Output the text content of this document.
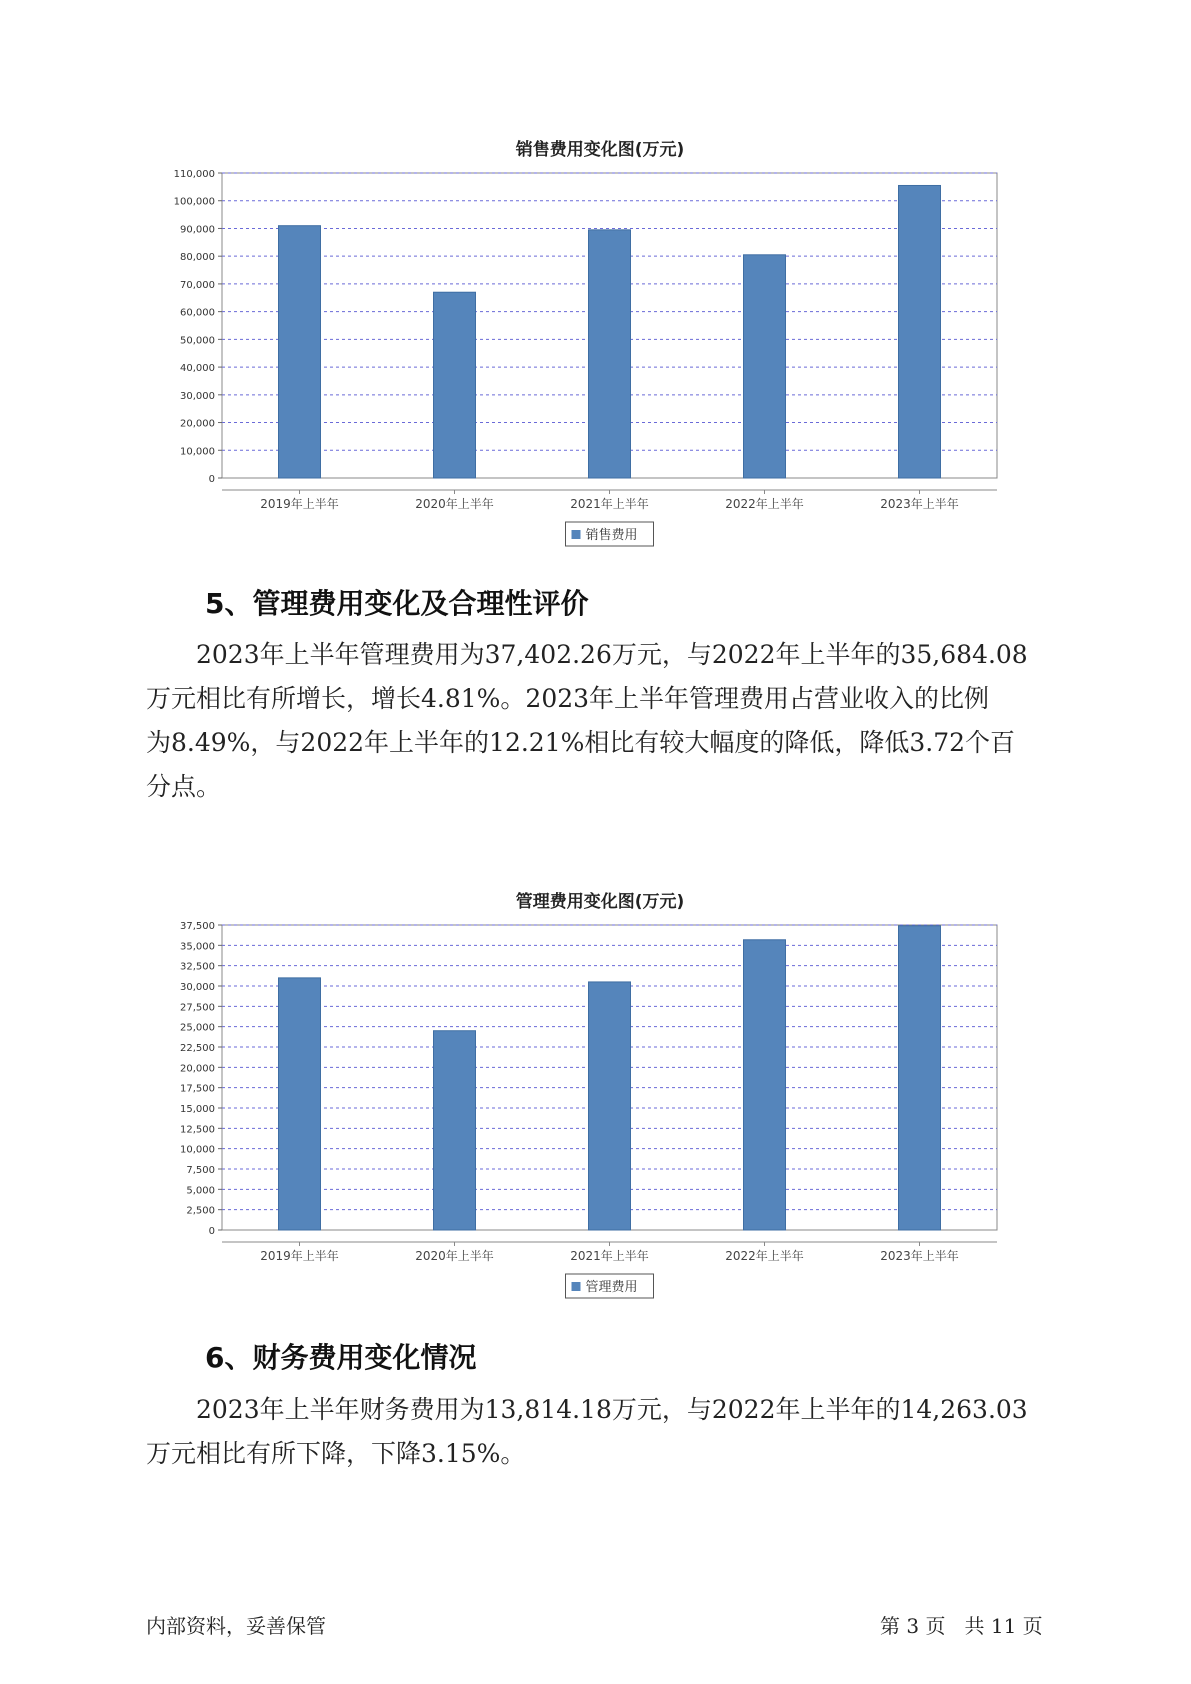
销售费用变化图(万元)
0
10,000
20,000
30,000
40,000
50,000
60,000
70,000
80,000
90,000
100,000
110,000
2019年上半年	2020年上半年	2021年上半年	2022年上半年	2023年上半年
销售费用
5、管理费用变化及合理性评价
2023年上半年管理费用为37,402.26万元，与2022年上半年的35,684.08
万元相比有所增长，增长4.81%。2023年上半年管理费用占营业收入的比例
为8.49%，与2022年上半年的12.21%相比有较大幅度的降低，降低3.72个百
分点。
管理费用变化图(万元)
0
2,500
5,000
7,500
10,000
12,500
15,000
17,500
20,000
22,500
25,000
27,500
30,000
32,500
35,000
37,500
2019年上半年	2020年上半年	2021年上半年	2022年上半年	2023年上半年
管理费用
6、财务费用变化情况
2023年上半年财务费用为13,814.18万元，与2022年上半年的14,263.03
万元相比有所下降，下降3.15%。
内部资料，妥善保管	第 3 页   共 11 页
